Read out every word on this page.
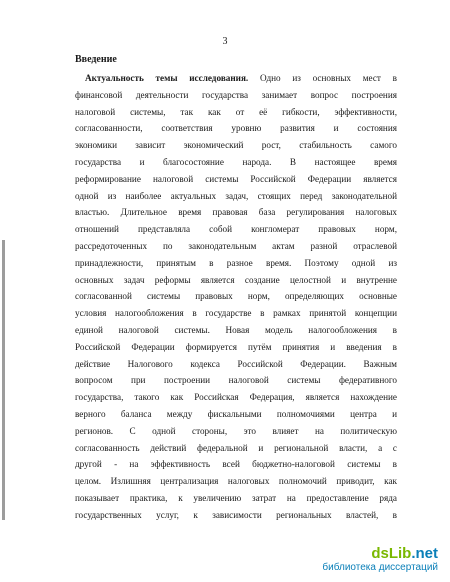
3
Введение
Актуальность темы исследования. Одно из основных мест в
финансовой деятельности государства занимает вопрос построения
налоговой системы, так как от её гибкости, эффективности,
согласованности, соответствия уровню развития и состояния
экономики зависит экономический рост, стабильность самого
государства и благосостояние народа. В настоящее время
реформирование налоговой системы Российской Федерации является
одной из наиболее актуальных задач, стоящих перед законодательной
властью. Длительное время правовая база регулирования налоговых
отношений представляла собой конгломерат правовых норм,
рассредоточенных по законодательным актам разной отраслевой
принадлежности, принятым в разное время. Поэтому одной из
основных задач реформы является создание целостной и внутренне
согласованной системы правовых норм, определяющих основные
условия налогообложения в государстве в рамках принятой концепции
единой налоговой системы. Новая модель налогообложения в
Российской Федерации формируется путём принятия и введения в
действие Налогового кодекса Российской Федерации. Важным
вопросом при построении налоговой системы федеративного
государства, такого как Российская Федерация, является нахождение
верного баланса между фискальными полномочиями центра и
регионов. С одной стороны, это влияет на политическую
согласованность действий федеральной и региональной власти, а с
другой - на эффективность всей бюджетно-налоговой системы в
целом. Излишняя централизация налоговых полномочий приводит, как
показывает практика, к увеличению затрат на предоставление ряда
государственных услуг, к зависимости региональных властей, в
dsLib.net
библиотека диссертаций
